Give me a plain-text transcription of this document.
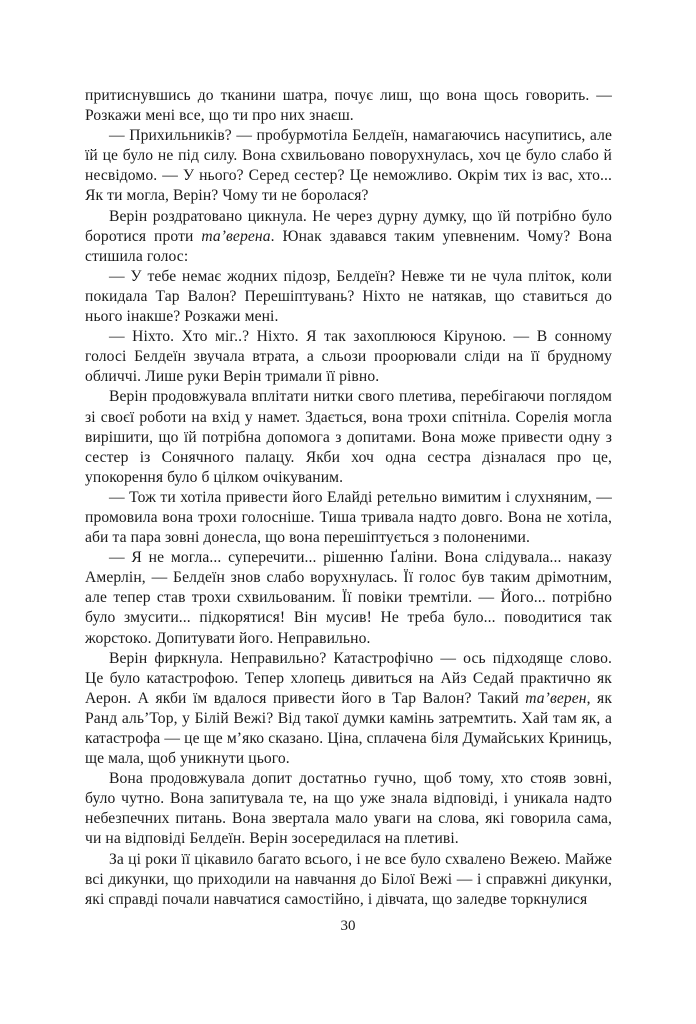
притиснувшись до тканини шатра, почує лиш, що вона щось говорить. — Розкажи мені все, що ти про них знаєш.

— Прихильників? — пробурмотіла Белдеїн, намагаючись насупитись, але їй це було не під силу. Вона схвильовано поворухнулась, хоч це було слабо й несвідомо. — У нього? Серед сестер? Це неможливо. Окрім тих із вас, хто... Як ти могла, Верін? Чому ти не боролася?

Верін роздратовано цикнула. Не через дурну думку, що їй потрібно було боротися проти та’верена. Юнак здавався таким упевненим. Чому? Вона стишила голос:

— У тебе немає жодних підозр, Белдеїн? Невже ти не чула пліток, коли покидала Тар Валон? Перешіптувань? Ніхто не натякав, що ставиться до нього інакше? Розкажи мені.

— Ніхто. Хто міг..? Ніхто. Я так захоплююся Кіруною. — В сонному голосі Белдеїн звучала втрата, а сльози проорювали сліди на її брудному обличчі. Лише руки Верін тримали її рівно.

Верін продовжувала вплітати нитки свого плетива, перебігаючи поглядом зі своєї роботи на вхід у намет. Здається, вона трохи спітніла. Сорелія могла вирішити, що їй потрібна допомога з допитами. Вона може привести одну з сестер із Сонячного палацу. Якби хоч одна сестра дізналася про це, упокорення було б цілком очікуваним.

— Тож ти хотіла привести його Елайді ретельно вимитим і слухняним, — промовила вона трохи голосніше. Тиша тривала надто довго. Вона не хотіла, аби та пара зовні донесла, що вона перешіптується з полоненими.

— Я не могла... суперечити... рішенню Ґаліни. Вона слідувала... наказу Амерлін, — Белдеїн знов слабо ворухнулась. Її голос був таким дрімотним, але тепер став трохи схвильованим. Її повіки тремтіли. — Його... потрібно було змусити... підкорятися! Він мусив! Не треба було... поводитися так жорстоко. Допитувати його. Неправильно.

Верін фиркнула. Неправильно? Катастрофічно — ось підходяще слово. Це було катастрофою. Тепер хлопець дивиться на Айз Седай практично як Аерон. А якби їм вдалося привести його в Тар Валон? Такий та’верен, як Ранд аль’Тор, у Білій Вежі? Від такої думки камінь затремтить. Хай там як, а катастрофа — це ще м’яко сказано. Ціна, сплачена біля Думайських Криниць, ще мала, щоб уникнути цього.

Вона продовжувала допит достатньо гучно, щоб тому, хто стояв зовні, було чутно. Вона запитувала те, на що уже знала відповіді, і уникала надто небезпечних питань. Вона звертала мало уваги на слова, які говорила сама, чи на відповіді Белдеїн. Верін зосередилася на плетиві.

За ці роки її цікавило багато всього, і не все було схвалено Вежею. Майже всі дикунки, що приходили на навчання до Білої Вежі — і справжні дикунки, які справді почали навчатися самостійно, і дівчата, що заледве торкнулися

30
